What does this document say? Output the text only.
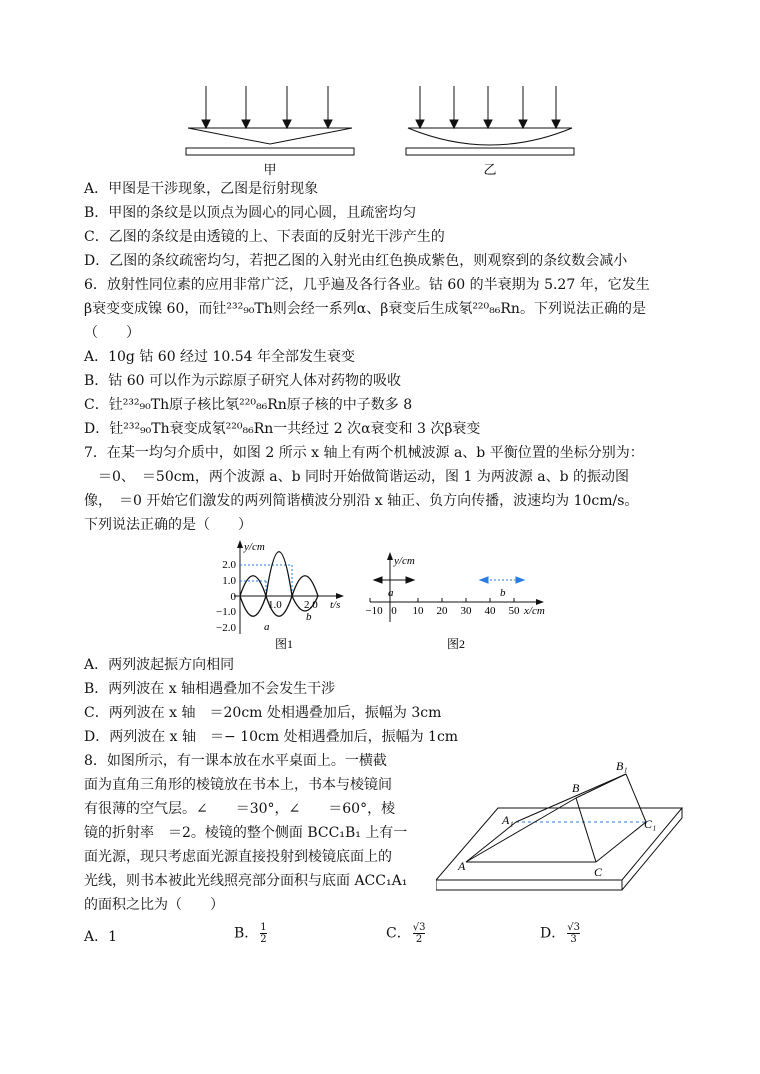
甲	乙
A．甲图是干涉现象，乙图是衍射现象
B．甲图的条纹是以顶点为圆心的同心圆，且疏密均匀
C．乙图的条纹是由透镜的上、下表面的反射光干涉产生的
D．乙图的条纹疏密均匀，若把乙图的入射光由红色换成紫色，则观察到的条纹数会减小
6．放射性同位素的应用非常广泛，几乎遍及各行各业。钴 60 的半衰期为 5.27 年，它发生
β衰变变成镍 60，而钍²³²₉₀Th则会经一系列α、β衰变后生成氡²²⁰₈₆Rn。下列说法正确的是
（　　）
A．10g 钴 60 经过 10.54 年全部发生衰变
B．钴 60 可以作为示踪原子研究人体对药物的吸收
C．钍²³²₉₀Th原子核比氡²²⁰₈₆Rn原子核的中子数多 8
D．钍²³²₉₀Th衰变成氡²²⁰₈₆Rn一共经过 2 次α衰变和 3 次β衰变
7．在某一均匀介质中，如图 2 所示 x 轴上有两个机械波源 a、b 平衡位置的坐标分别为：
　＝0、　＝50cm，两个波源 a、b 同时开始做简谐运动，图 1 为两波源 a、b 的振动图
像，　＝0 开始它们激发的两列简谐横波分别沿 x 轴正、负方向传播，波速均为 10cm/s。
下列说法正确的是（　　）
y/cm
t/s
2.0
1.0
0
−1.0
−2.0
1.0 2.0
a
b
图1
y/cm
x/cm
−10 0 10 20 30 40 50
a	b
图2
A．两列波起振方向相同
B．两列波在 x 轴相遇叠加不会发生干涉
C．两列波在 x 轴　＝20cm 处相遇叠加后，振幅为 3cm
D．两列波在 x 轴　＝− 10cm 处相遇叠加后，振幅为 1cm
8．如图所示，有一课本放在水平桌面上。一横截
面为直角三角形的棱镜放在书本上，书本与棱镜间
有很薄的空气层。∠　　＝30°，∠　　＝60°，棱
镜的折射率　＝2。棱镜的整个侧面 BCC₁B₁ 上有一
面光源，现只考虑面光源直接投射到棱镜底面上的
光线，则书本被此光线照亮部分面积与底面 ACC₁A₁
的面积之比为（　　）
B₁
B
A₁	C₁
A	C
A．1	B． $\frac{1}{2}$	C． $\frac{√3}{2}$	D． $\frac{√3}{3}$
